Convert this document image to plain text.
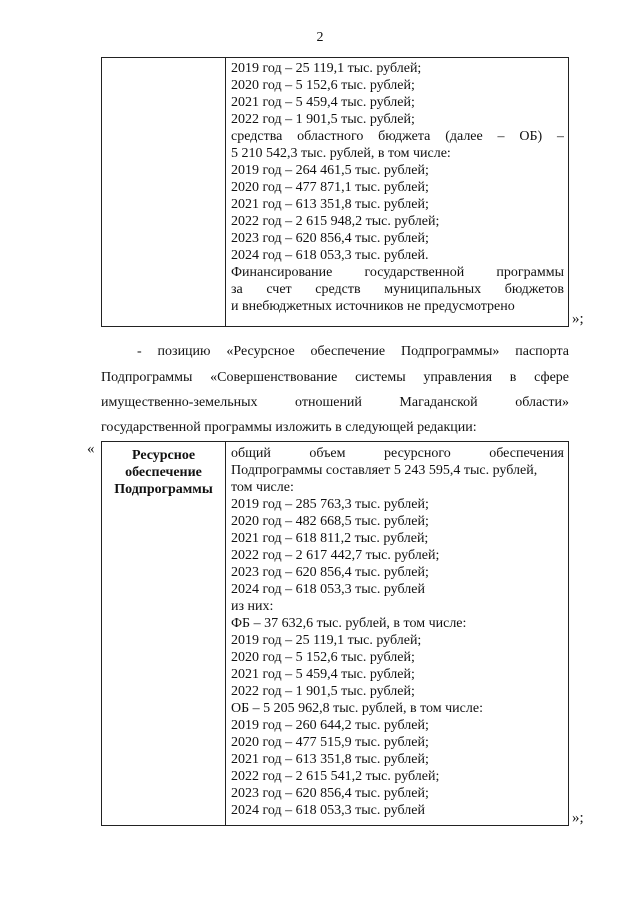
2
2019 год – 25 119,1 тыс. рублей;
2020 год – 5 152,6 тыс. рублей;
2021 год – 5 459,4 тыс. рублей;
2022 год – 1 901,5 тыс. рублей;
средства областного бюджета (далее – ОБ) –
5 210 542,3 тыс. рублей, в том числе:
2019 год – 264 461,5 тыс. рублей;
2020 год – 477 871,1 тыс. рублей;
2021 год – 613 351,8 тыс. рублей;
2022 год – 2 615 948,2 тыс. рублей;
2023 год – 620 856,4 тыс. рублей;
2024 год – 618 053,3 тыс. рублей.
Финансирование государственной программы
за счет средств муниципальных бюджетов
и внебюджетных источников не предусмотрено
»;
- позицию «Ресурсное обеспечение Подпрограммы» паспорта
Подпрограммы «Совершенствование системы управления в сфере
имущественно-земельных отношений Магаданской области»
государственной программы изложить в следующей редакции:
«	Ресурсное
обеспечение
Подпрограммы
общий объем ресурсного обеспечения
Подпрограммы составляет 5 243 595,4 тыс. рублей,
том числе:
2019 год – 285 763,3 тыс. рублей;
2020 год – 482 668,5 тыс. рублей;
2021 год – 618 811,2 тыс. рублей;
2022 год – 2 617 442,7 тыс. рублей;
2023 год – 620 856,4 тыс. рублей;
2024 год – 618 053,3 тыс. рублей
из них:
ФБ – 37 632,6 тыс. рублей, в том числе:
2019 год – 25 119,1 тыс. рублей;
2020 год – 5 152,6 тыс. рублей;
2021 год – 5 459,4 тыс. рублей;
2022 год – 1 901,5 тыс. рублей;
ОБ – 5 205 962,8 тыс. рублей, в том числе:
2019 год – 260 644,2 тыс. рублей;
2020 год – 477 515,9 тыс. рублей;
2021 год – 613 351,8 тыс. рублей;
2022 год – 2 615 541,2 тыс. рублей;
2023 год – 620 856,4 тыс. рублей;
2024 год – 618 053,3 тыс. рублей	»;
